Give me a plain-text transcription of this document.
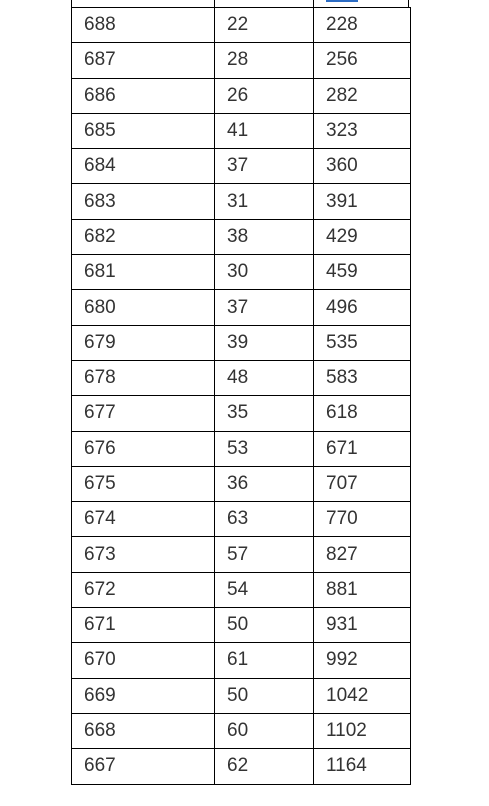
688	22	228
687	28	256
686	26	282
685	41	323
684	37	360
683	31	391
682	38	429
681	30	459
680	37	496
679	39	535
678	48	583
677	35	618
676	53	671
675	36	707
674	63	770
673	57	827
672	54	881
671	50	931
670	61	992
669	50	1042
668	60	1102
667	62	1164
